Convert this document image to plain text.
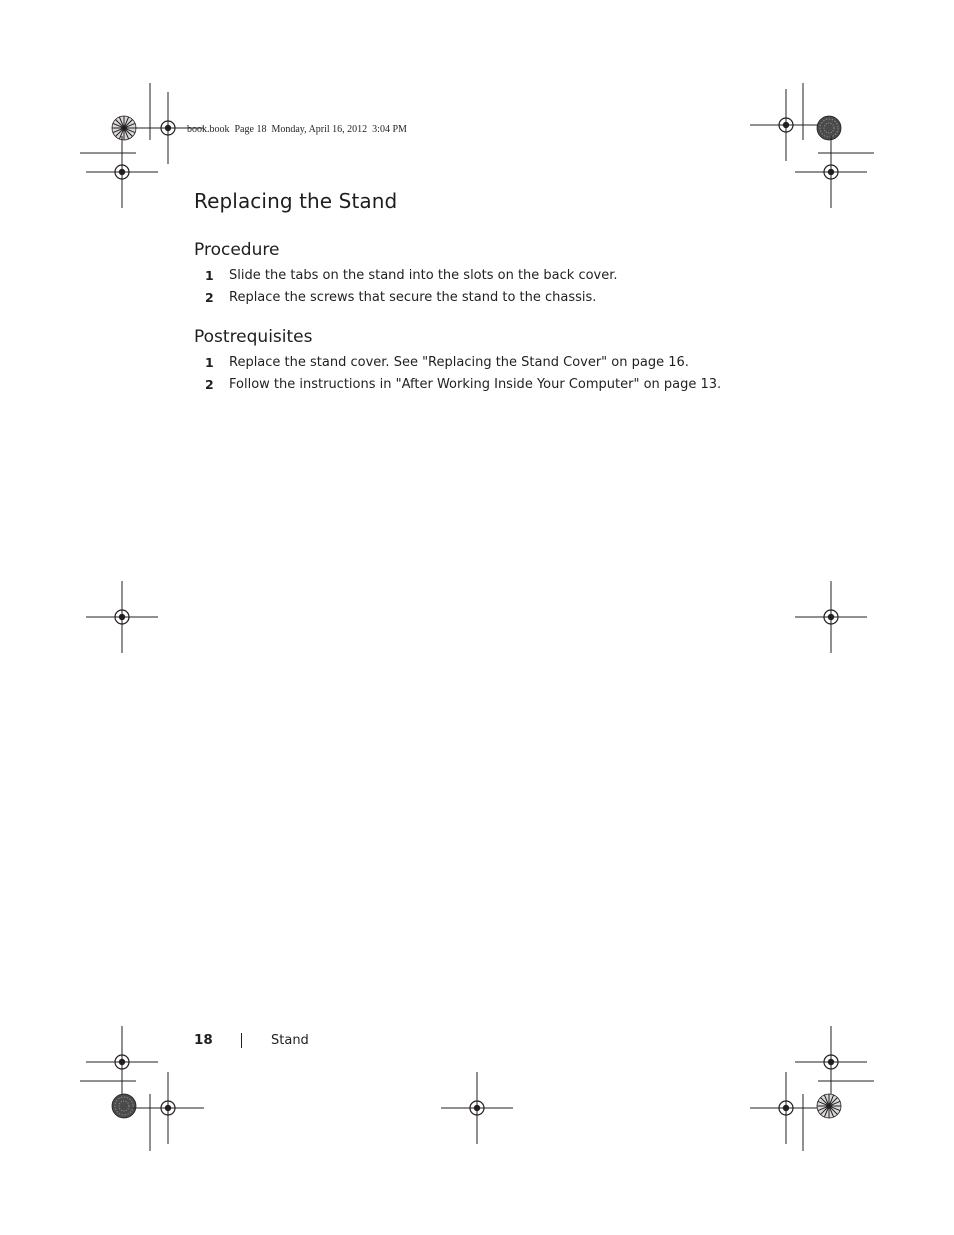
book.book  Page 18  Monday, April 16, 2012  3:04 PM
Replacing the Stand
Procedure
1 Slide the tabs on the stand into the slots on the back cover.
2 Replace the screws that secure the stand to the chassis.
Postrequisites
1 Replace the stand cover. See "Replacing the Stand Cover" on page 16.
2 Follow the instructions in "After Working Inside Your Computer" on page 13.
18	Stand
